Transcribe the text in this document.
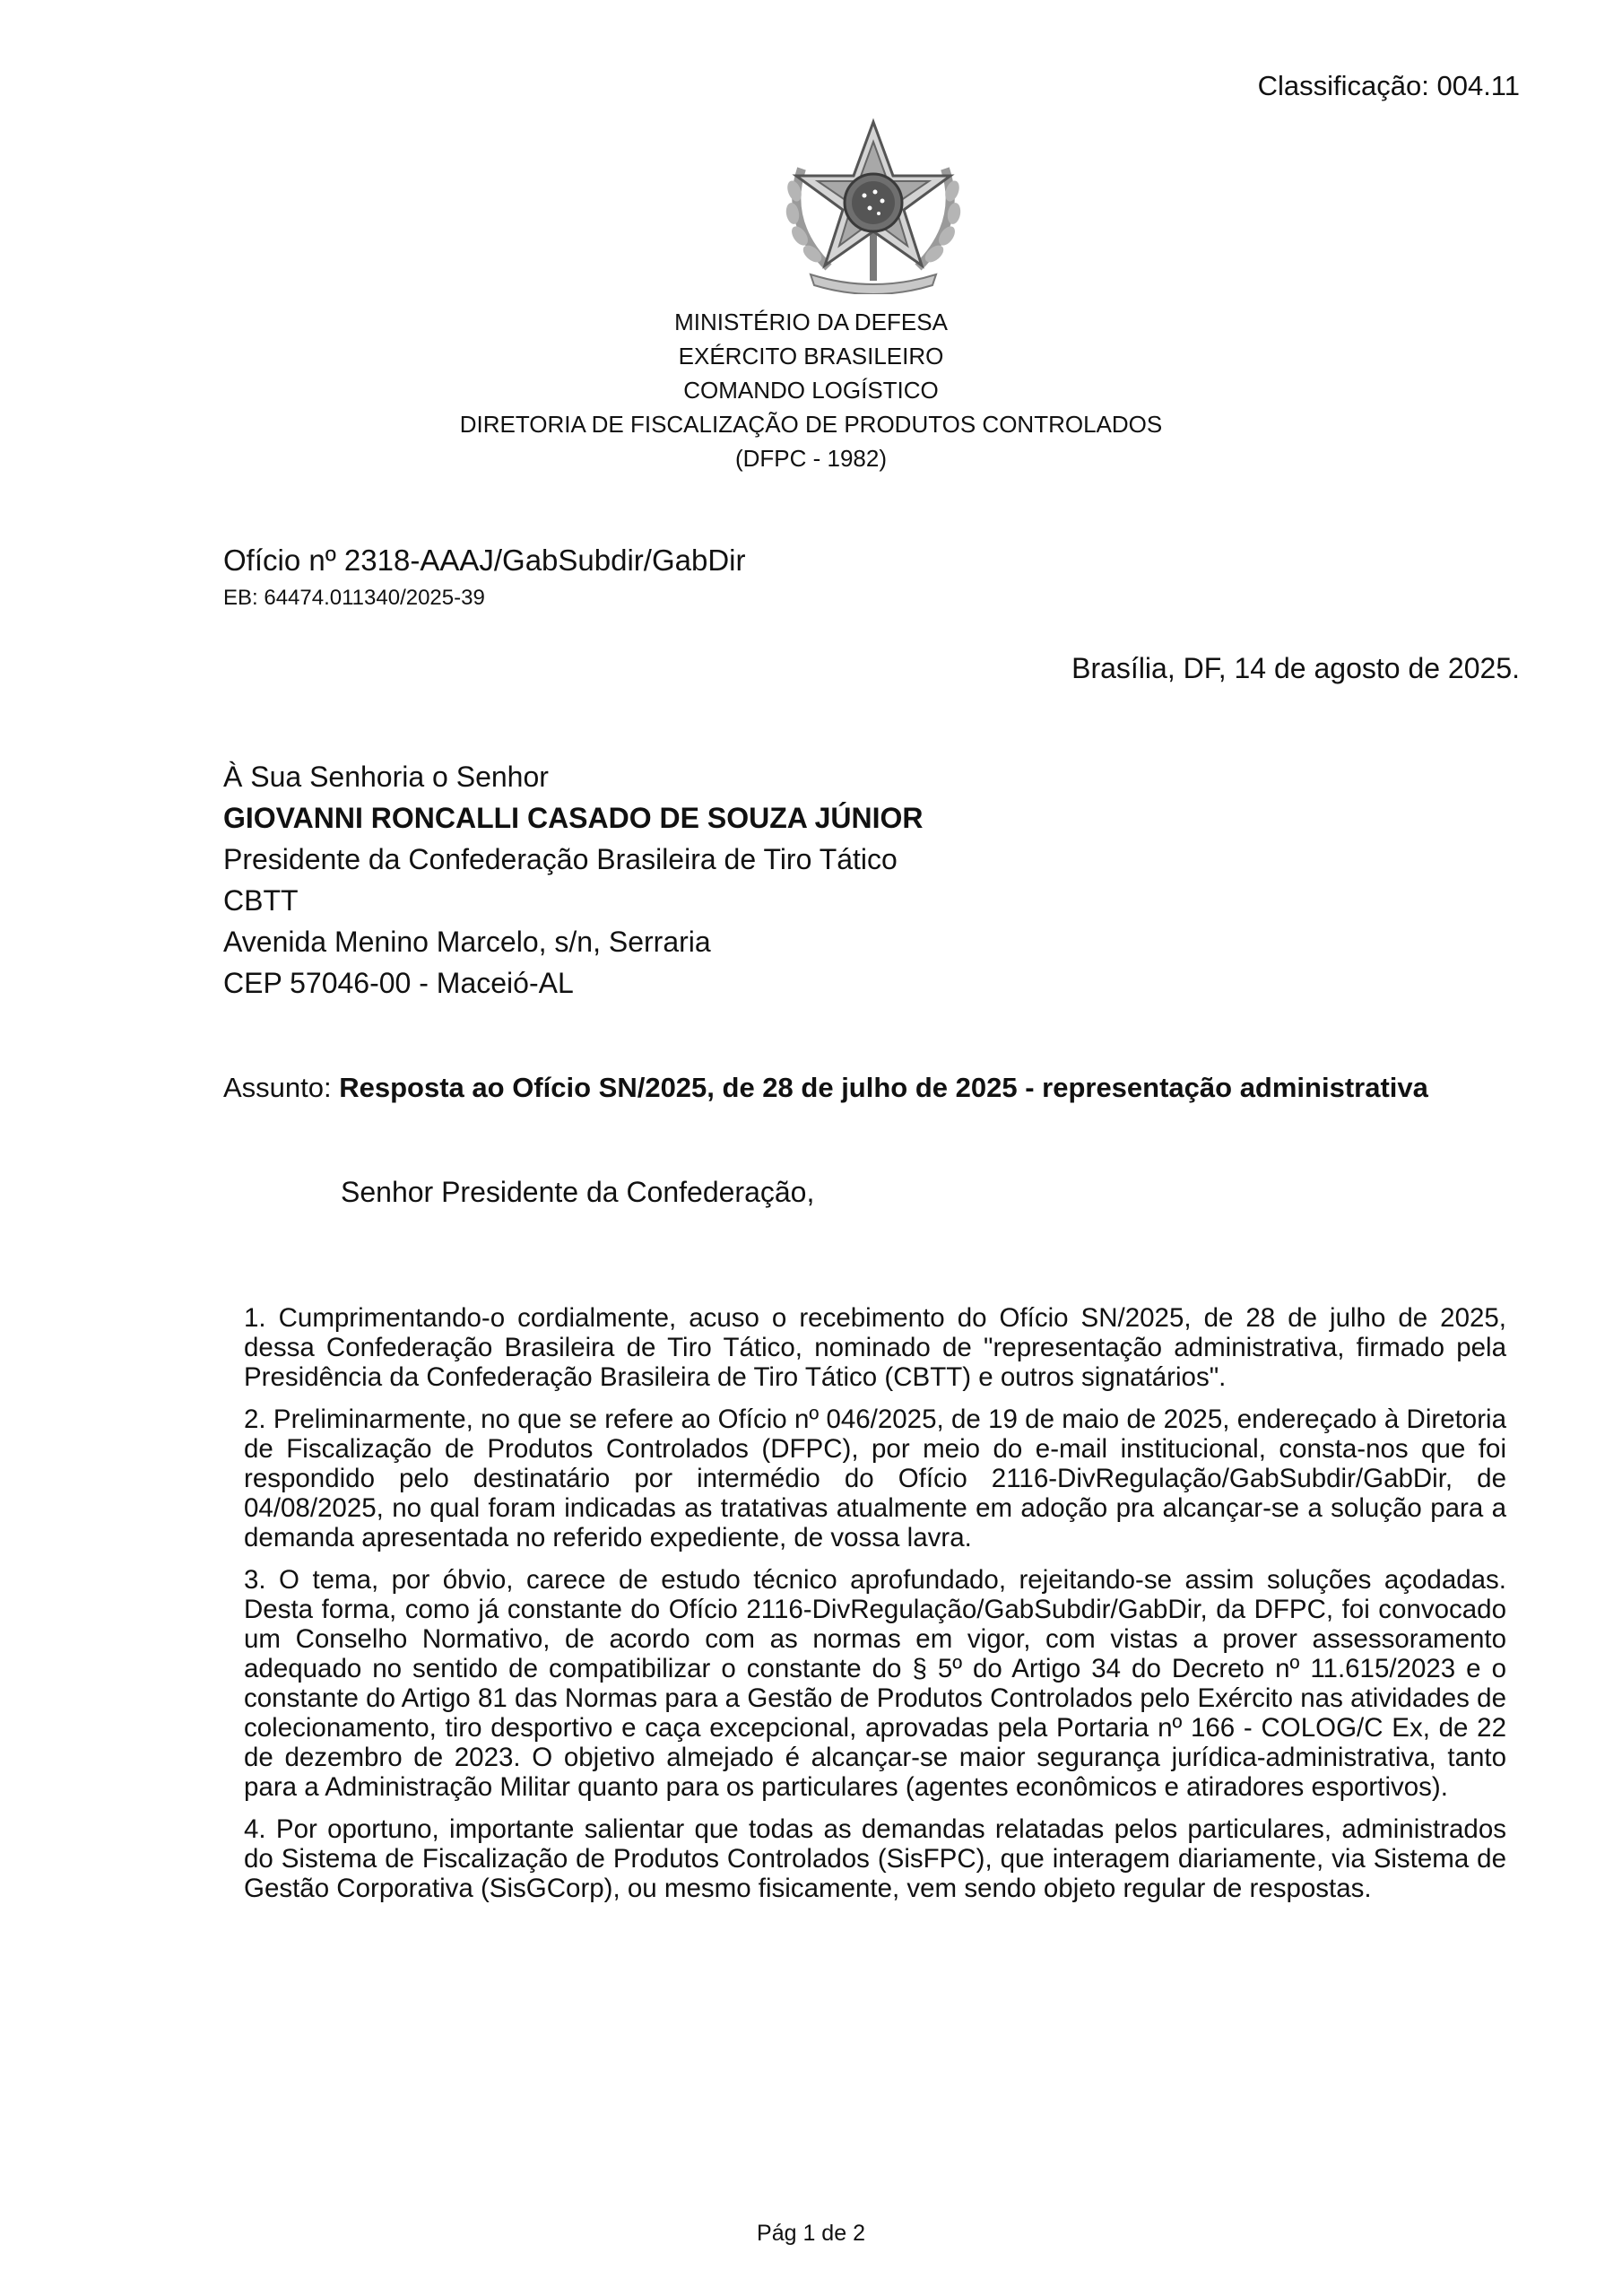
Classificação: 004.11
MINISTÉRIO DA DEFESA
EXÉRCITO BRASILEIRO
COMANDO LOGÍSTICO
DIRETORIA DE FISCALIZAÇÃO DE PRODUTOS CONTROLADOS
(DFPC - 1982)
Ofício nº 2318-AAAJ/GabSubdir/GabDir
EB: 64474.011340/2025-39
Brasília, DF, 14 de agosto de 2025.
À Sua Senhoria o Senhor
GIOVANNI RONCALLI CASADO DE SOUZA JÚNIOR
Presidente da Confederação Brasileira de Tiro Tático
CBTT
Avenida Menino Marcelo, s/n, Serraria
CEP 57046-00 - Maceió-AL
Assunto: Resposta ao Ofício SN/2025, de 28 de julho de 2025 - representação administrativa
Senhor Presidente da Confederação,

1. Cumprimentando-o cordialmente, acuso o recebimento do Ofício SN/2025, de 28 de julho de 2025, dessa Confederação Brasileira de Tiro Tático, nominado de "representação administrativa, firmado pela Presidência da Confederação Brasileira de Tiro Tático (CBTT) e outros signatários".

2. Preliminarmente, no que se refere ao Ofício nº 046/2025, de 19 de maio de 2025, endereçado à Diretoria de Fiscalização de Produtos Controlados (DFPC), por meio do e-mail institucional, consta-nos que foi respondido pelo destinatário por intermédio do Ofício 2116-DivRegulação/GabSubdir/GabDir, de 04/08/2025, no qual foram indicadas as tratativas atualmente em adoção pra alcançar-se a solução para a demanda apresentada no referido expediente, de vossa lavra.

3. O tema, por óbvio, carece de estudo técnico aprofundado, rejeitando-se assim soluções açodadas. Desta forma, como já constante do Ofício 2116-DivRegulação/GabSubdir/GabDir, da DFPC, foi convocado um Conselho Normativo, de acordo com as normas em vigor, com vistas a prover assessoramento adequado no sentido de compatibilizar o constante do § 5º do Artigo 34 do Decreto nº 11.615/2023 e o constante do Artigo 81 das Normas para a Gestão de Produtos Controlados pelo Exército nas atividades de colecionamento, tiro desportivo e caça excepcional, aprovadas pela Portaria nº 166 - COLOG/C Ex, de 22 de dezembro de 2023. O objetivo almejado é alcançar-se maior segurança jurídica-administrativa, tanto para a Administração Militar quanto para os particulares (agentes econômicos e atiradores esportivos).

4. Por oportuno, importante salientar que todas as demandas relatadas pelos particulares, administrados do Sistema de Fiscalização de Produtos Controlados (SisFPC), que interagem diariamente, via Sistema de Gestão Corporativa (SisGCorp), ou mesmo fisicamente, vem sendo objeto regular de respostas.

Pág 1 de 2
